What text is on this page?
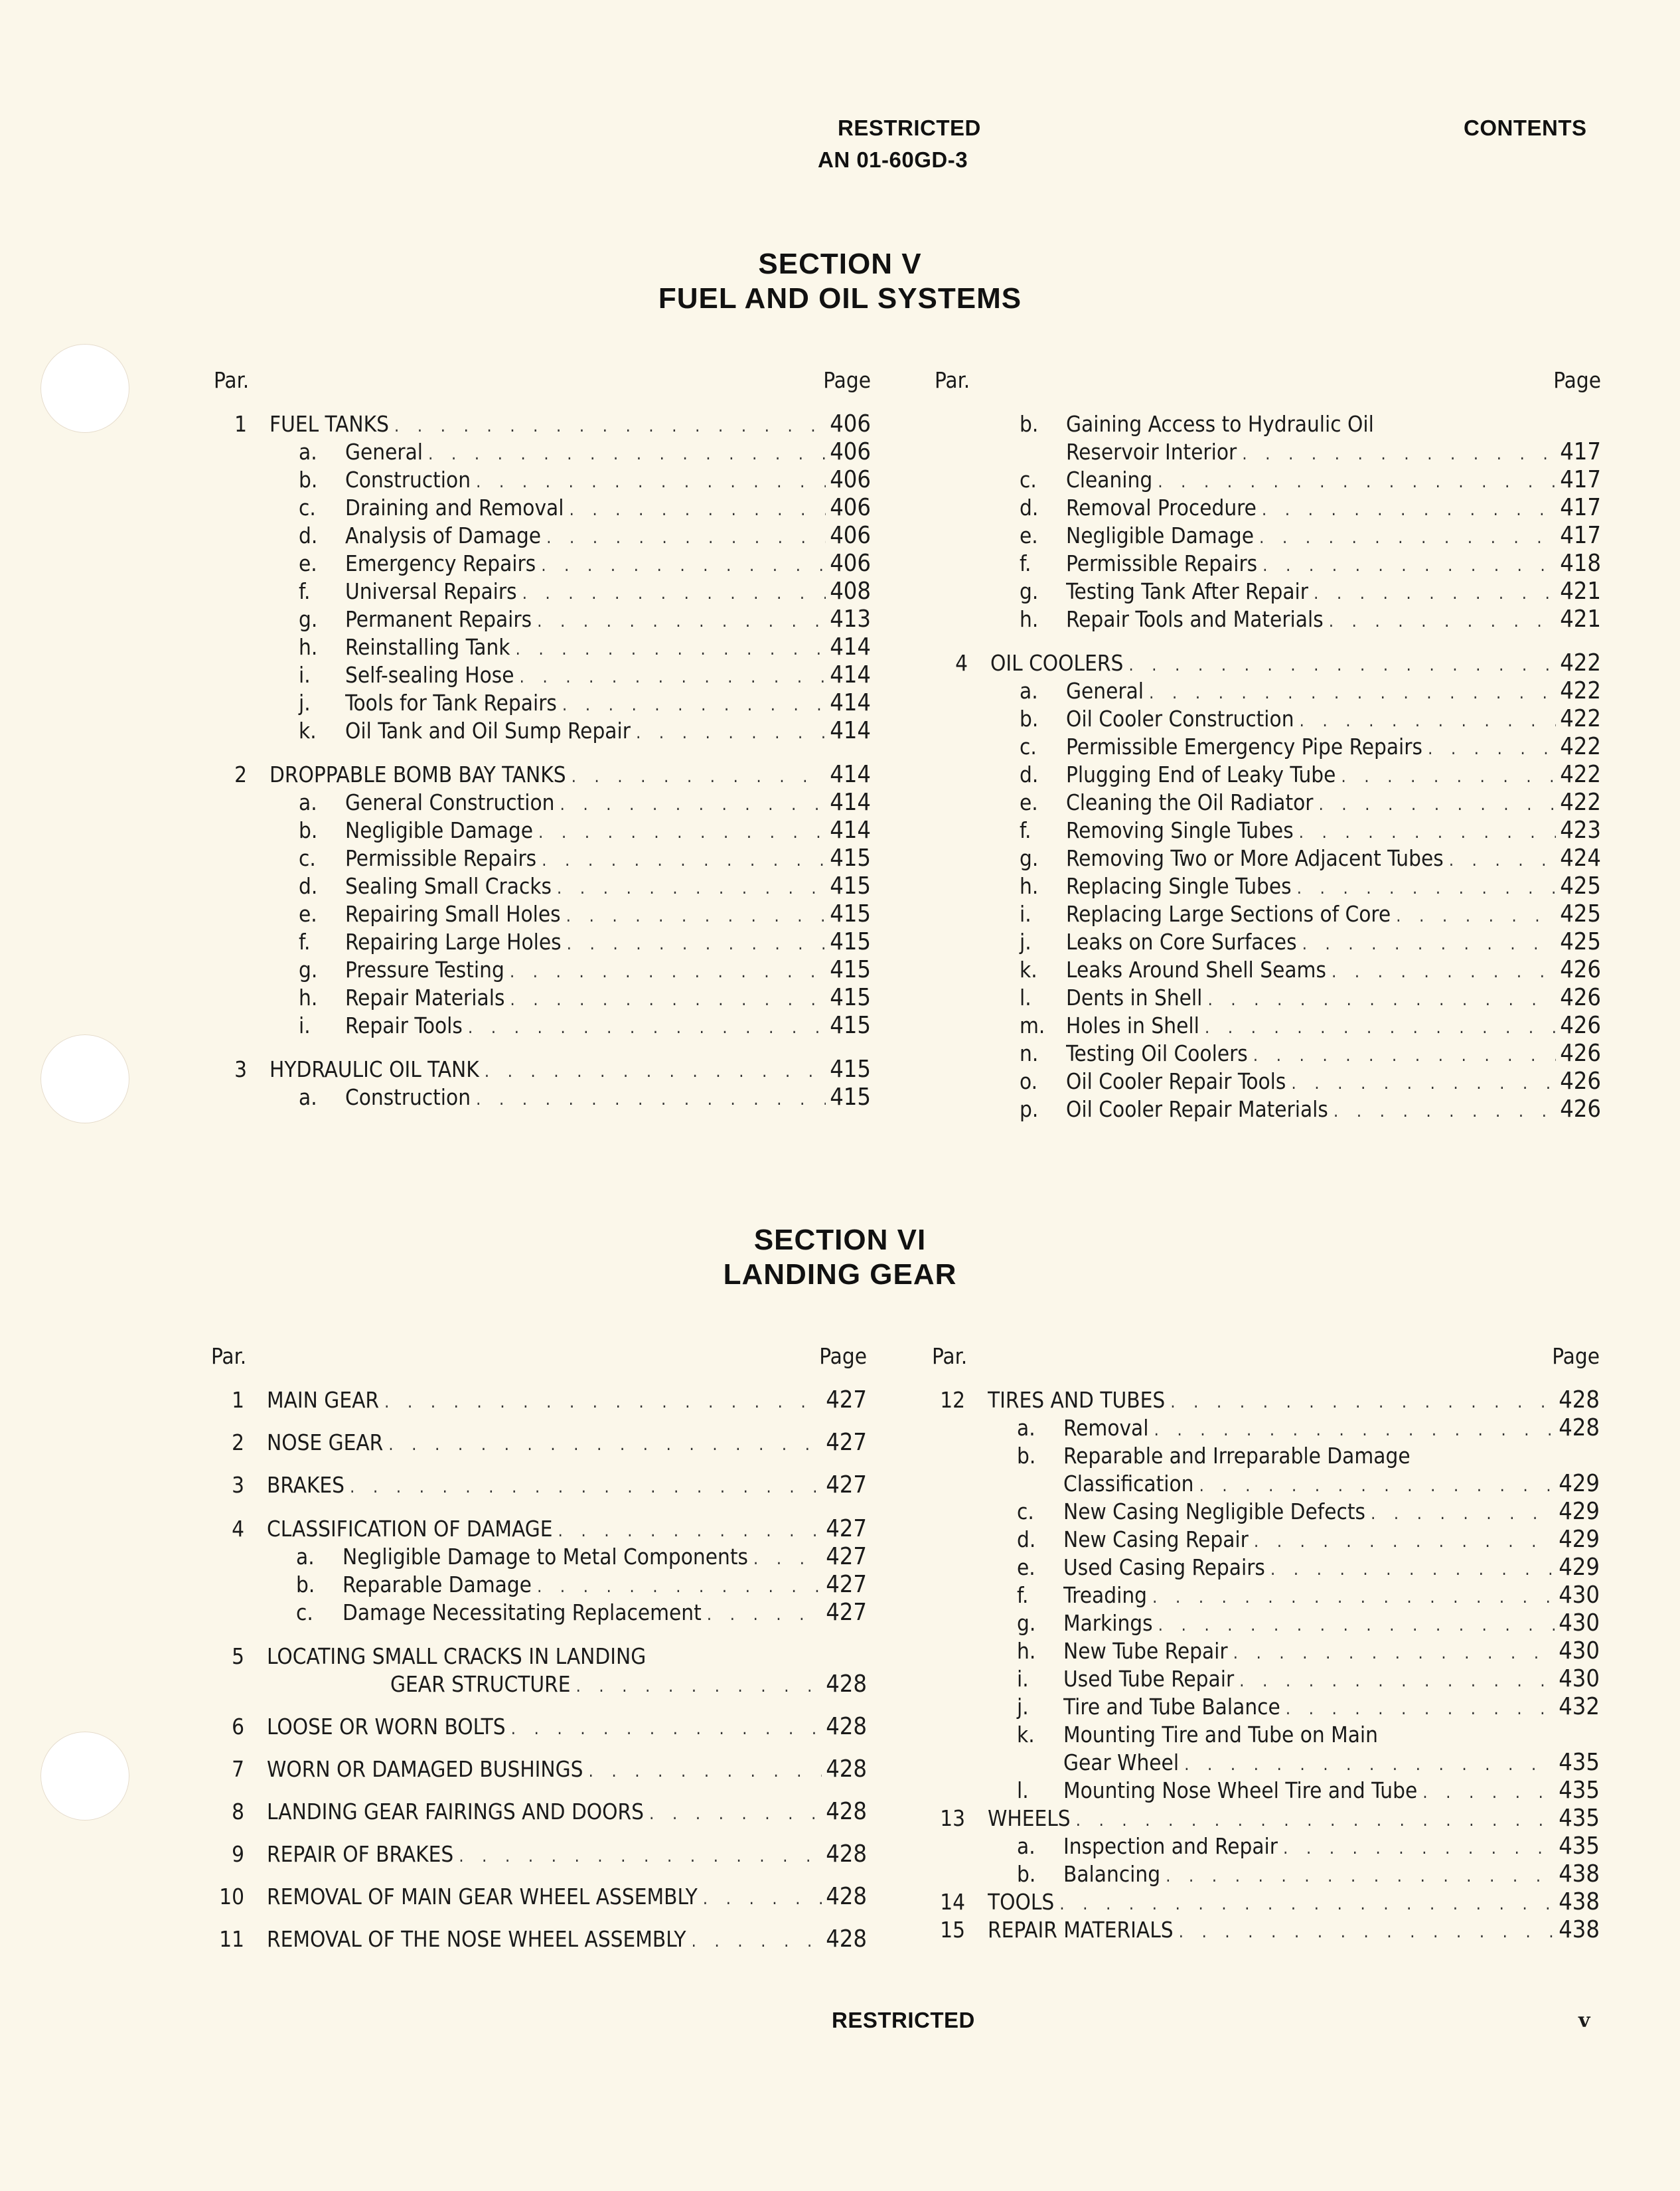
RESTRICTED
AN 01-60GD-3
CONTENTS
SECTION V
FUEL AND OIL SYSTEMS
Par.	Page
1 FUEL TANKS . . .	406
a. General . . .	406
b. Construction . . .	406
c. Draining and Removal . . .	406
d. Analysis of Damage . . .	406
e. Emergency Repairs . . .	406
f. Universal Repairs . . .	408
g. Permanent Repairs . . .	413
h. Reinstalling Tank . . .	414
i. Self-sealing Hose . . .	414
j. Tools for Tank Repairs . . .	414
k. Oil Tank and Oil Sump Repair . . .	414
2 DROPPABLE BOMB BAY TANKS . . .	414
a. General Construction . . .	414
b. Negligible Damage . . .	414
c. Permissible Repairs . . .	415
d. Sealing Small Cracks . . .	415
e. Repairing Small Holes . . .	415
f. Repairing Large Holes . . .	415
g. Pressure Testing . . .	415
h. Repair Materials . . .	415
i. Repair Tools . . .	415
3 HYDRAULIC OIL TANK . . .	415
a. Construction . . .	415
Par.	Page
b. Gaining Access to Hydraulic Oil
Reservoir Interior . . .	417
c. Cleaning . . .	417
d. Removal Procedure . . .	417
e. Negligible Damage . . .	417
f. Permissible Repairs . . .	418
g. Testing Tank After Repair . . .	421
h. Repair Tools and Materials . . .	421
4 OIL COOLERS . . .	422
a. General . . .	422
b. Oil Cooler Construction . . .	422
c. Permissible Emergency Pipe Repairs . . .	422
d. Plugging End of Leaky Tube . . .	422
e. Cleaning the Oil Radiator . . .	422
f. Removing Single Tubes . . .	423
g. Removing Two or More Adjacent Tubes . . .	424
h. Replacing Single Tubes . . .	425
i. Replacing Large Sections of Core . . .	425
j. Leaks on Core Surfaces . . .	425
k. Leaks Around Shell Seams . . .	426
l. Dents in Shell . . .	426
m. Holes in Shell . . .	426
n. Testing Oil Coolers . . .	426
o. Oil Cooler Repair Tools . . .	426
p. Oil Cooler Repair Materials . . .	426
SECTION VI
LANDING GEAR
Par.	Page
1 MAIN GEAR . . .	427
2 NOSE GEAR . . .	427
3 BRAKES . . .	427
4 CLASSIFICATION OF DAMAGE . . .	427
a. Negligible Damage to Metal Components . . .	427
b. Reparable Damage . . .	427
c. Damage Necessitating Replacement . . .	427
5 LOCATING SMALL CRACKS IN LANDING
GEAR STRUCTURE . . .	428
6 LOOSE OR WORN BOLTS . . .	428
7 WORN OR DAMAGED BUSHINGS . . .	428
8 LANDING GEAR FAIRINGS AND DOORS . . .	428
9 REPAIR OF BRAKES . . .	428
10 REMOVAL OF MAIN GEAR WHEEL ASSEMBLY . . .	428
11 REMOVAL OF THE NOSE WHEEL ASSEMBLY . . .	428
Par.	Page
12 TIRES AND TUBES . . .	428
a. Removal . . .	428
b. Reparable and Irreparable Damage
Classification . . .	429
c. New Casing Negligible Defects . . .	429
d. New Casing Repair . . .	429
e. Used Casing Repairs . . .	429
f. Treading . . .	430
g. Markings . . .	430
h. New Tube Repair . . .	430
i. Used Tube Repair . . .	430
j. Tire and Tube Balance . . .	432
k. Mounting Tire and Tube on Main
Gear Wheel . . .	435
l. Mounting Nose Wheel Tire and Tube . . .	435
13 WHEELS . . .	435
a. Inspection and Repair . . .	435
b. Balancing . . .	438
14 TOOLS . . .	438
15 REPAIR MATERIALS . . .	438
RESTRICTED	v
